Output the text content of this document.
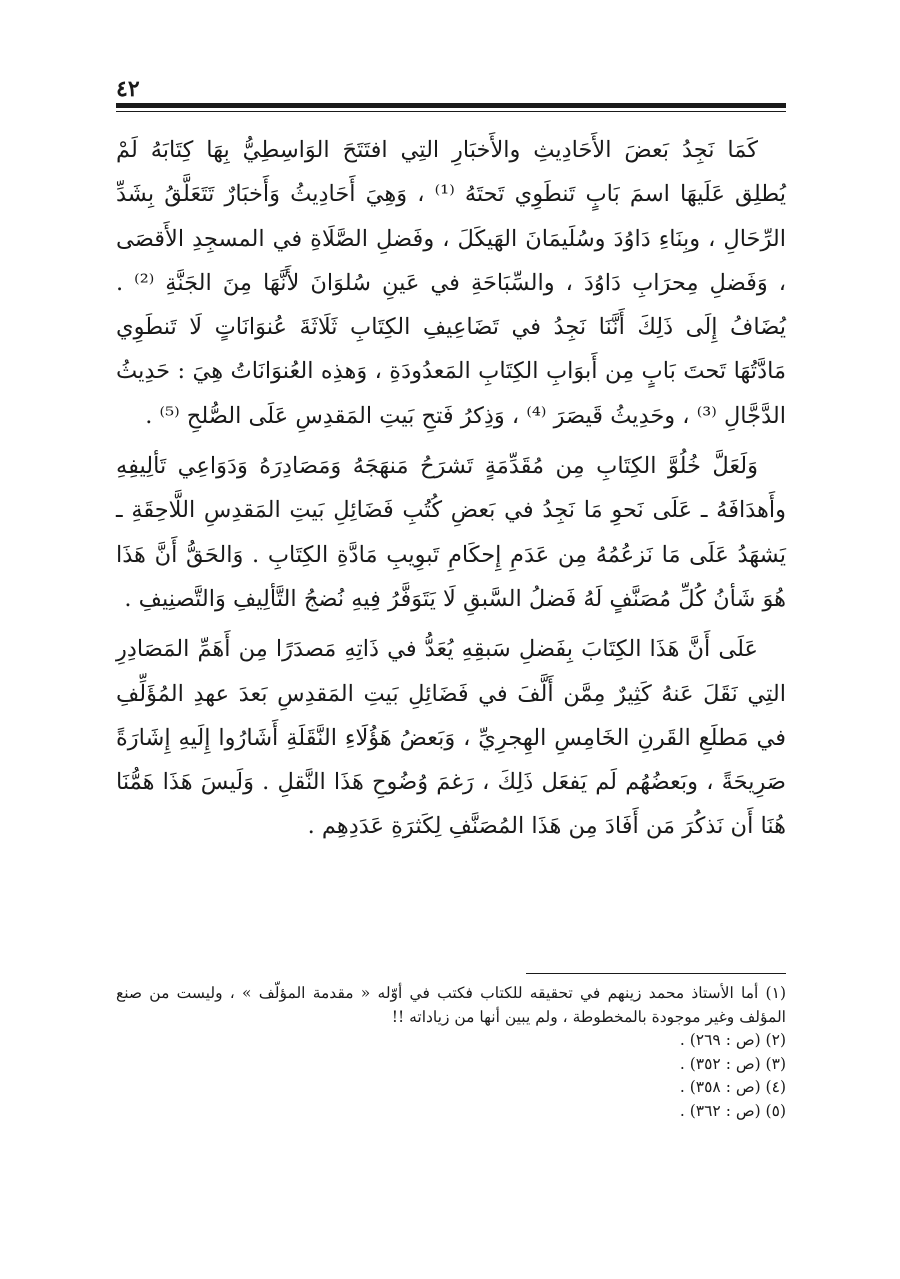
٤٢

كَمَا نَجِدُ بَعضَ الأَحَادِيثِ والأَخبَارِ التِي افتَتَحَ الوَاسِطِيُّ بِهَا كِتَابَهُ لَمْ يُطلِق عَلَيهَا اسمَ بَابٍ تَنطَوِي تَحتَهُ ⁽¹⁾ ، وَهِيَ أَحَادِيثُ وَأَخبَارٌ تَتَعَلَّقُ بِشَدِّ الرِّحَالِ ، وبِنَاءِ دَاوُدَ وسُلَيمَانَ الهَيكَلَ ، وفَضلِ الصَّلَاةِ في المسجِدِ الأَقصَى ، وَفَضلِ مِحرَابِ دَاوُدَ ، والسِّبَاحَةِ في عَينِ سُلوَانَ لأَنَّهَا مِنَ الجَنَّةِ ⁽²⁾ . يُضَافُ إِلَى ذَلِكَ أَنَّنَا نَجِدُ في تَضَاعِيفِ الكِتَابِ ثَلَاثَةَ عُنوَانَاتٍ لَا تَنطَوِي مَادَّتُهَا تَحتَ بَابٍ مِن أَبوَابِ الكِتَابِ المَعدُودَةِ ، وَهذِه العُنوَانَاتُ هِيَ : حَدِيثُ الدَّجَّالِ ⁽³⁾ ، وحَدِيثُ قَيصَرَ ⁽⁴⁾ ، وَذِكرُ فَتحِ بَيتِ المَقدِسِ عَلَى الصُّلحِ ⁽⁵⁾ .

وَلَعَلَّ خُلُوَّ الكِتَابِ مِن مُقَدِّمَةٍ تَشرَحُ مَنهَجَهُ وَمَصَادِرَهُ وَدَوَاعِي تَألِيفِهِ وأَهدَافَهُ ـ عَلَى نَحوِ مَا نَجِدُ في بَعضِ كُتُبِ فَضَائِلِ بَيتِ المَقدِسِ اللَّاحِقَةِ ـ يَشهَدُ عَلَى مَا نَزعُمُهُ مِن عَدَمِ إِحكَامِ تَبوِيبِ مَادَّةِ الكِتَابِ . وَالحَقُّ أَنَّ هَذَا هُوَ شَأنُ كُلِّ مُصَنَّفٍ لَهُ فَضلُ السَّبقِ لَا يَتَوَفَّرُ فِيهِ نُضجُ التَّألِيفِ وَالتَّصنِيفِ .

عَلَى أَنَّ هَذَا الكِتَابَ بِفَضلِ سَبقِهِ يُعَدُّ في ذَاتِهِ مَصدَرًا مِن أَهَمِّ المَصَادِرِ التِي نَقَلَ عَنهُ كَثِيرٌ مِمَّن أَلَّفَ في فَضَائِلِ بَيتِ المَقدِسِ بَعدَ عهدِ المُؤَلِّفِ في مَطلَعِ القَرنِ الخَامِسِ الهِجرِيِّ ، وَبَعضُ هَؤُلَاءِ النَّقَلَةِ أَشَارُوا إِلَيهِ إِشَارَةً صَرِيحَةً ، وبَعضُهُم لَم يَفعَل ذَلِكَ ، رَغمَ وُضُوحِ هَذَا النَّقلِ . وَلَيسَ هَذَا هَمُّنَا هُنَا أَن نَذكُرَ مَن أَفَادَ مِن هَذَا المُصَنَّفِ لِكَثرَةِ عَدَدِهِم .

(١) أما الأستاذ محمد زينهم في تحقيقه للكتاب فكتب في أوّله « مقدمة المؤلّف » ، وليست من صنع المؤلف وغير موجودة بالمخطوطة ، ولم يبين أنها من زياداته !!

(٢) (ص : ٢٦٩) .

(٣) (ص : ٣٥٢) .

(٤) (ص : ٣٥٨) .

(٥) (ص : ٣٦٢) .
